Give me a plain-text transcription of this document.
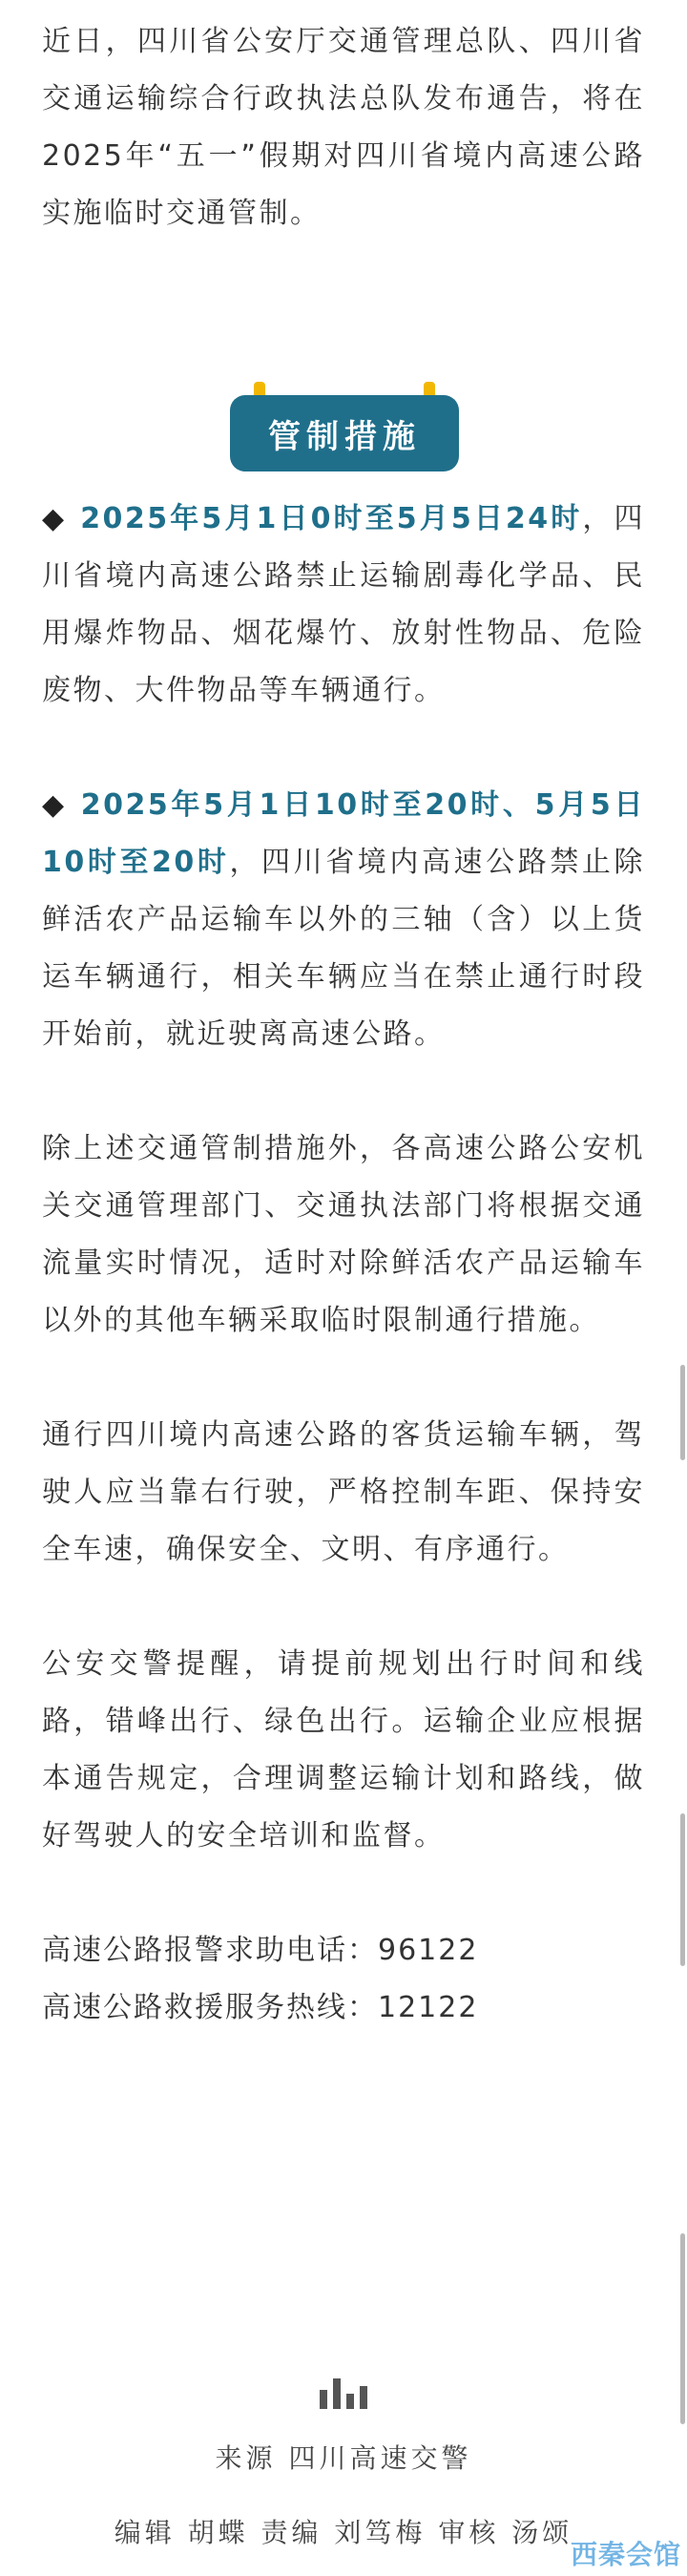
近日，四川省公安厅交通管理总队、四川省交通运输综合行政执法总队发布通告，将在2025年“五一”假期对四川省境内高速公路实施临时交通管制。

管制措施

◆ 2025年5月1日0时至5月5日24时，四川省境内高速公路禁止运输剧毒化学品、民用爆炸物品、烟花爆竹、放射性物品、危险废物、大件物品等车辆通行。

◆ 2025年5月1日10时至20时、5月5日10时至20时，四川省境内高速公路禁止除鲜活农产品运输车以外的三轴（含）以上货运车辆通行，相关车辆应当在禁止通行时段开始前，就近驶离高速公路。

除上述交通管制措施外，各高速公路公安机关交通管理部门、交通执法部门将根据交通流量实时情况，适时对除鲜活农产品运输车以外的其他车辆采取临时限制通行措施。

通行四川境内高速公路的客货运输车辆，驾驶人应当靠右行驶，严格控制车距、保持安全车速，确保安全、文明、有序通行。

公安交警提醒，请提前规划出行时间和线路，错峰出行、绿色出行。运输企业应根据本通告规定，合理调整运输计划和路线，做好驾驶人的安全培训和监督。

高速公路报警求助电话：96122

高速公路救援服务热线：12122

来源 四川高速交警
编辑 胡蝶 责编 刘笃梅 审核 汤颂
西秦会馆
